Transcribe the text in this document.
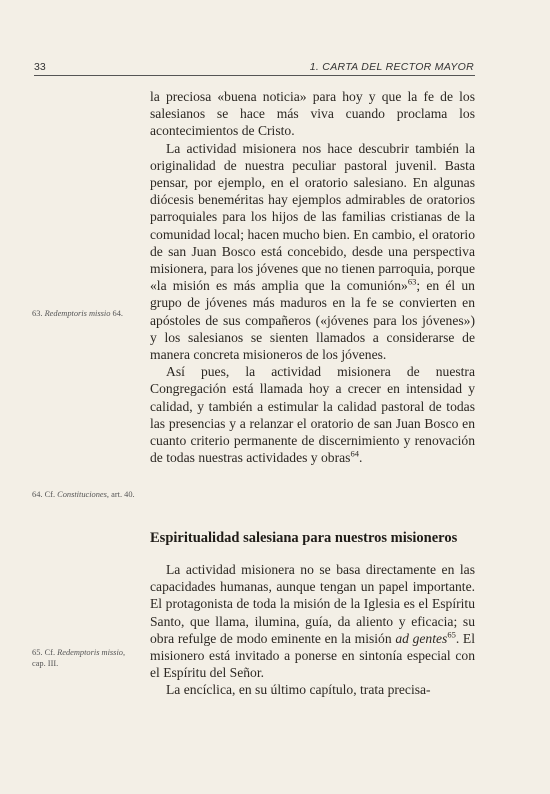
33	1. CARTA DEL RECTOR MAYOR

la preciosa «buena noticia» para hoy y que la fe de los salesianos se hace más viva cuando proclama los acontecimientos de Cristo.

La actividad misionera nos hace descubrir también la originalidad de nuestra peculiar pastoral juvenil. Basta pensar, por ejemplo, en el oratorio salesiano. En algunas diócesis beneméritas hay ejemplos admirables de oratorios parroquiales para los hijos de las familias cristianas de la comunidad local; hacen mucho bien. En cambio, el oratorio de san Juan Bosco está concebido, desde una perspectiva misionera, para los jóvenes que no tienen parroquia, porque «la misión es más amplia que la comunión»$^{63}$; en él un grupo de jóvenes más maduros en la fe se convierten en apóstoles de sus compañeros («jóvenes para los jóvenes») y los salesianos se sienten llamados a considerarse de manera concreta misioneros de los jóvenes.

Así pues, la actividad misionera de nuestra Congregación está llamada hoy a crecer en intensidad y calidad, y también a estimular la calidad pastoral de todas las presencias y a relanzar el oratorio de san Juan Bosco en cuanto criterio permanente de discernimiento y renovación de todas nuestras actividades y obras$^{64}$.

Espiritualidad salesiana para nuestros misioneros

La actividad misionera no se basa directamente en las capacidades humanas, aunque tengan un papel importante. El protagonista de toda la misión de la Iglesia es el Espíritu Santo, que llama, ilumina, guía, da aliento y eficacia; su obra refulge de modo eminente en la misión ad gentes$^{65}$. El misionero está invitado a ponerse en sintonía especial con el Espíritu del Señor.

La encíclica, en su último capítulo, trata precisa-

63. Redemptoris missio 64.
64. Cf. Constituciones, art. 40.
65. Cf. Redemptoris missio, cap. III.
